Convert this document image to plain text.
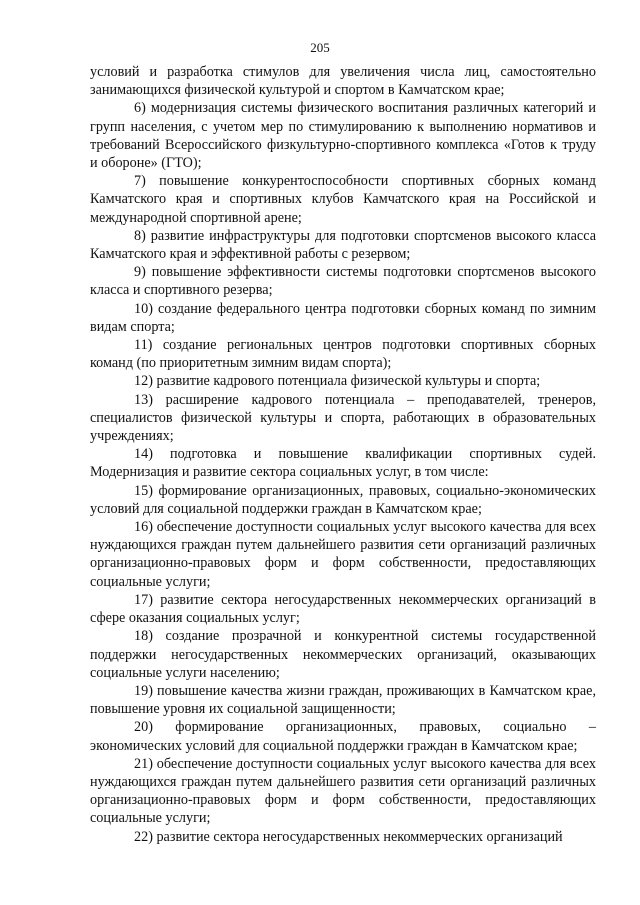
205

условий и разработка стимулов для увеличения числа лиц, самостоятельно занимающихся физической культурой и спортом в Камчатском крае;

6) модернизация системы физического воспитания различных категорий и групп населения, с учетом мер по стимулированию к выполнению нормативов и требований Всероссийского физкультурно-спортивного комплекса «Готов к труду и обороне» (ГТО);

7) повышение конкурентоспособности спортивных сборных команд Камчатского края и спортивных клубов Камчатского края на Российской и международной спортивной арене;

8) развитие инфраструктуры для подготовки спортсменов высокого класса Камчатского края и эффективной работы с резервом;

9) повышение эффективности системы подготовки спортсменов высокого класса и спортивного резерва;

10) создание федерального центра подготовки сборных команд по зимним видам спорта;

11) создание региональных центров подготовки спортивных сборных команд (по приоритетным зимним видам спорта);

12) развитие кадрового потенциала физической культуры и спорта;

13) расширение кадрового потенциала – преподавателей, тренеров, специалистов физической культуры и спорта, работающих в образовательных учреждениях;

14) подготовка и повышение квалификации спортивных судей. Модернизация и развитие сектора социальных услуг, в том числе:

15) формирование организационных, правовых, социально-экономических условий для социальной поддержки граждан в Камчатском крае;

16) обеспечение доступности социальных услуг высокого качества для всех нуждающихся граждан путем дальнейшего развития сети организаций различных организационно-правовых форм и форм собственности, предоставляющих социальные услуги;

17) развитие сектора негосударственных некоммерческих организаций в сфере оказания социальных услуг;

18) создание прозрачной и конкурентной системы государственной поддержки негосударственных некоммерческих организаций, оказывающих социальные услуги населению;

19) повышение качества жизни граждан, проживающих в Камчатском крае, повышение уровня их социальной защищенности;

20) формирование организационных, правовых, социально – экономических условий для социальной поддержки граждан в Камчатском крае;

21) обеспечение доступности социальных услуг высокого качества для всех нуждающихся граждан путем дальнейшего развития сети организаций различных организационно-правовых форм и форм собственности, предоставляющих социальные услуги;

22) развитие сектора негосударственных некоммерческих организаций
